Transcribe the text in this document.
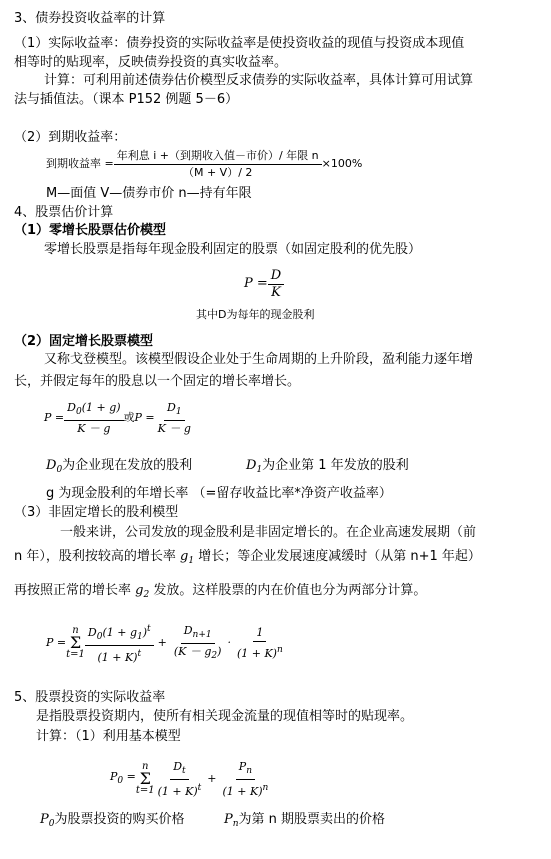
3、债券投资收益率的计算
（1）实际收益率：债券投资的实际收益率是使投资收益的现值与投资成本现值
相等时的贴现率，反映债券投资的真实收益率。
计算：可利用前述债券估价模型反求债券的实际收益率，具体计算可用试算
法与插值法。（课本 P152 例题 5－6）
（2）到期收益率：
到期收益率 = $\frac{\text{年利息 i +（到期收入值－市价）/ 年限 n}}{(M + V)/ 2} \times 100\%$
M—面值 V—债券市价 n—持有年限
4、股票估价计算
（1）零增长股票估价模型
零增长股票是指每年现金股利固定的股票（如固定股利的优先股）
$P = \frac{D}{K}$
其中D为每年的现金股利
（2）固定增长股票模型
又称戈登模型。该模型假设企业处于生命周期的上升阶段，盈利能力逐年增
长，并假定每年的股息以一个固定的增长率增长。
$P = \frac{D_0(1 + g)}{K - g}$ 或 $P = \frac{D_1}{K - g}$
$D_0$为企业现在发放的股利	$D_1$为企业第 1 年发放的股利
g 为现金股利的年增长率 （=留存收益比率*净资产收益率）
（3）非固定增长的股利模型
一般来讲，公司发放的现金股利是非固定增长的。在企业高速发展期（前
n 年），股利按较高的增长率 $g_1$ 增长；等企业发展速度减缓时（从第 n+1 年起）
再按照正常的增长率 $g_2$ 发放。这样股票的内在价值也分为两部分计算。
P =
n
Σ
$t=1 \frac{D_0(1 + g_1)^t}{(1 + K)^t} + \frac{D_{n+1}}{(K - g_2)} \cdot \frac{1}{(1 + K)^n}$
5、股票投资的实际收益率
是指股票投资期内，使所有相关现金流量的现值相等时的贴现率。
计算：（1）利用基本模型
$P_0$ =
n
Σ
$t=1 \frac{D_t}{(1 + K)^t} + \frac{P_n}{(1 + K)^n}$
$P_0$为股票投资的购买价格	$P_n$为第 n 期股票卖出的价格
